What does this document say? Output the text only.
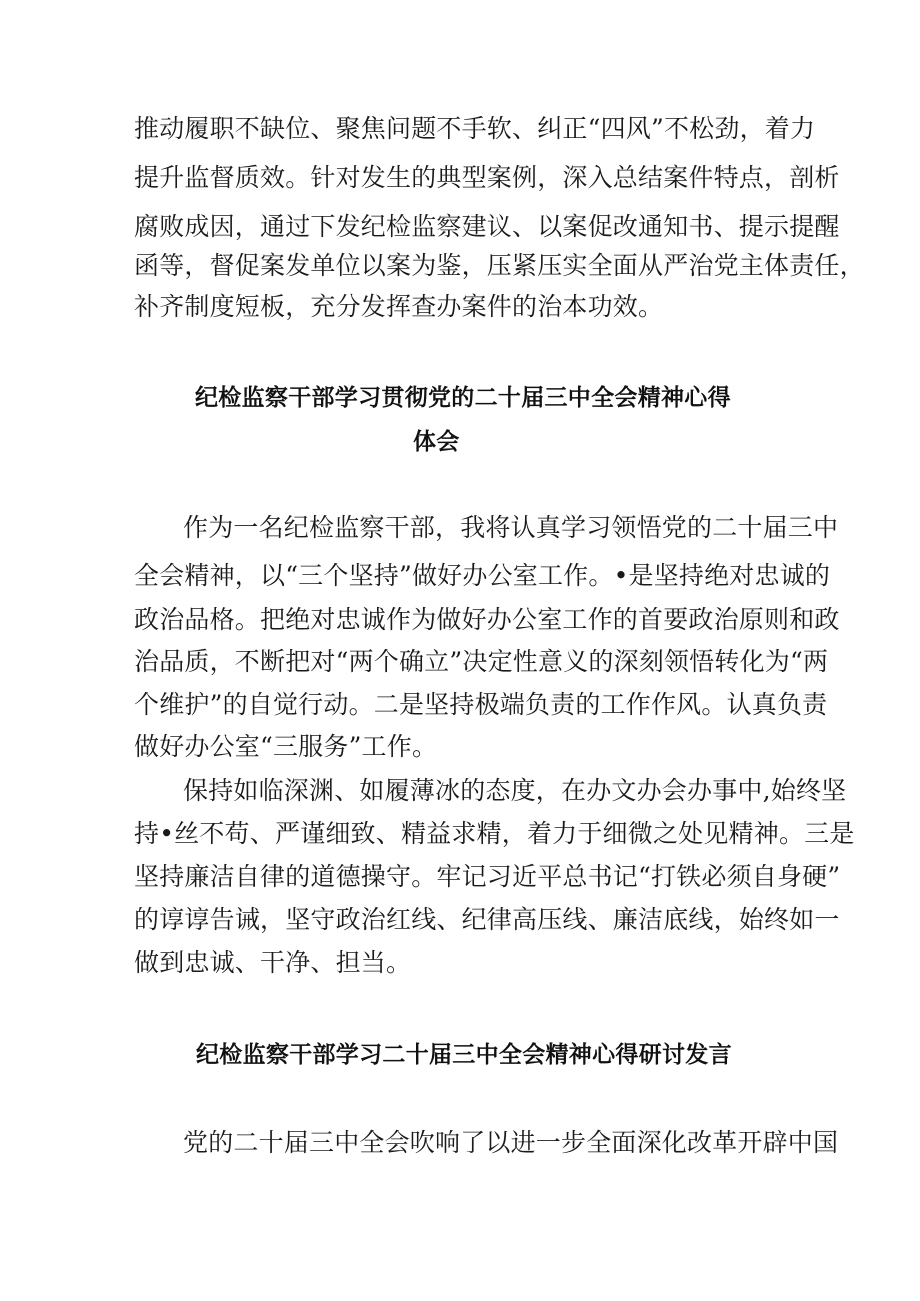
推动履职不缺位、聚焦问题不手软、纠正“四风”不松劲，着力
提升监督质效。针对发生的典型案例，深入总结案件特点，剖析
腐败成因，通过下发纪检监察建议、以案促改通知书、提示提醒
函等，督促案发单位以案为鉴，压紧压实全面从严治党主体责任，
补齐制度短板，充分发挥查办案件的治本功效。
纪检监察干部学习贯彻党的二十届三中全会精神心得
体会
作为一名纪检监察干部，我将认真学习领悟党的二十届三中
全会精神，以“三个坚持”做好办公室工作。•是坚持绝对忠诚的
政治品格。把绝对忠诚作为做好办公室工作的首要政治原则和政
治品质，不断把对“两个确立”决定性意义的深刻领悟转化为“两
个维护”的自觉行动。二是坚持极端负责的工作作风。认真负责
做好办公室“三服务”工作。
保持如临深渊、如履薄冰的态度，在办文办会办事中,始终坚
持•丝不苟、严谨细致、精益求精，着力于细微之处见精神。三是
坚持廉洁自律的道德操守。牢记习近平总书记“打铁必须自身硬”
的谆谆告诫，坚守政治红线、纪律高压线、廉洁底线，始终如一
做到忠诚、干净、担当。
纪检监察干部学习二十届三中全会精神心得研讨发言
党的二十届三中全会吹响了以进一步全面深化改革开辟中国
